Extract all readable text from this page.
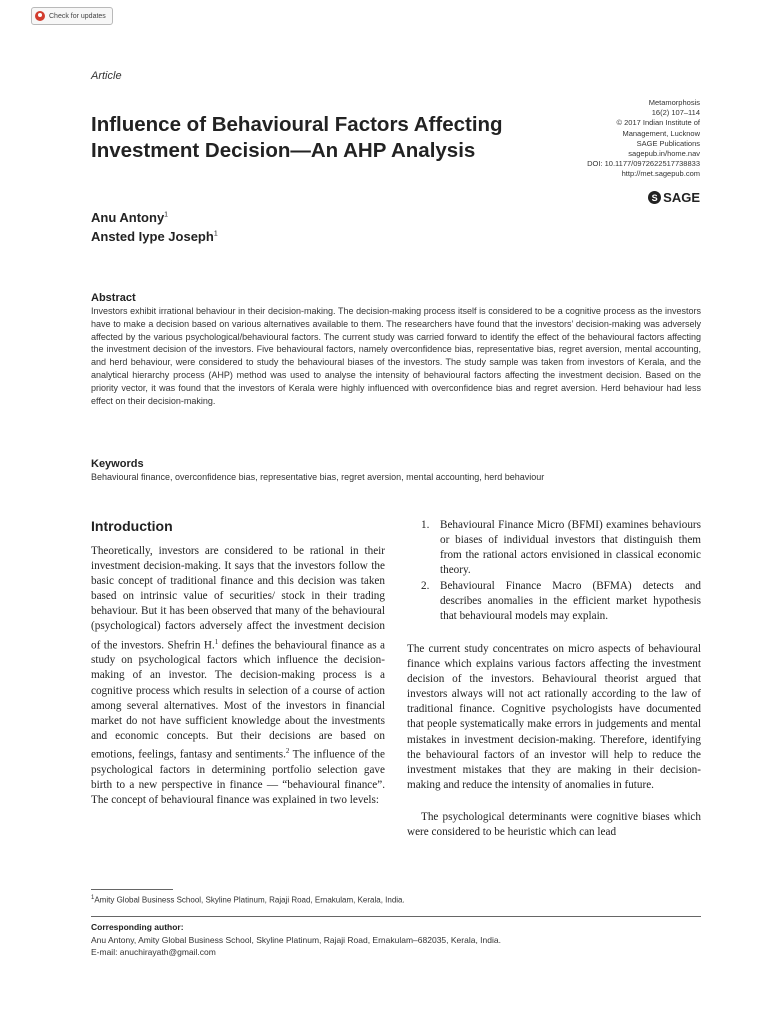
Check for updates
Article
Influence of Behavioural Factors Affecting
Investment Decision—An AHP Analysis
Metamorphosis
16(2) 107–114
© 2017 Indian Institute of
Management, Lucknow
SAGE Publications
sagepub.in/home.nav
DOI: 10.1177/0972622517738833
http://met.sagepub.com
S SAGE
Anu Antony$^1$
Ansted Iype Joseph$^1$
Abstract
Investors exhibit irrational behaviour in their decision-making. The decision-making process itself is considered to be a cognitive process as the investors have to make a decision based on various alternatives available to them. The researchers have found that the investors’ decision-making was adversely affected by the various psychological/behavioural factors. The current study was carried forward to identify the effect of the behavioural factors affecting the investment decision of the investors. Five behavioural factors, namely overconfidence bias, representative bias, regret aversion, mental accounting, and herd behaviour, were considered to study the behavioural biases of the investors. The study sample was taken from investors of Kerala, and the analytical hierarchy process (AHP) method was used to analyse the intensity of behavioural factors affecting the investment decision. Based on the priority vector, it was found that the investors of Kerala were highly influenced with overconfidence bias and regret aversion. Herd behaviour had less effect on their decision-making.
Keywords
Behavioural finance, overconfidence bias, representative bias, regret aversion, mental accounting, herd behaviour
Introduction

Theoretically, investors are considered to be rational in their investment decision-making. It says that the investors follow the basic concept of traditional finance and this decision was taken based on intrinsic value of securities/ stock in their trading behaviour. But it has been observed that many of the behavioural (psychological) factors adversely affect the investment decision of the investors. Shefrin H.$^1$ defines the behavioural finance as a study on psychological factors which influence the decision-making of an investor. The decision-making process is a cognitive process which results in selection of a course of action among several alternatives. Most of the investors in financial market do not have sufficient knowledge about the investments and economic concepts. But their decisions are based on emotions, feelings, fantasy and sentiments.$^2$ The influence of the psychological factors in determining portfolio selection gave birth to a new perspective in finance — “behavioural finance”. The concept of behavioural finance was explained in two levels:

1. Behavioural Finance Micro (BFMI) examines behaviours or biases of individual investors that distinguish them from the rational actors envisioned in classical economic theory.
2. Behavioural Finance Macro (BFMA) detects and describes anomalies in the efficient market hypothesis that behavioural models may explain.
The current study concentrates on micro aspects of behavioural finance which explains various factors affecting the investment decision of the investors. Behavioural theorist argued that investors always will not act rationally according to the law of traditional finance. Cognitive psychologists have documented that people systematically make errors in judgements and mental mistakes in investment decision-making. Therefore, identifying the behavioural factors of an investor will help to reduce the investment mistakes that they are making in their decision-making and reduce the intensity of anomalies in future.
The psychological determinants were cognitive biases which were considered to be heuristic which can lead
$^1$Amity Global Business School, Skyline Platinum, Rajaji Road, Ernakulam, Kerala, India.
Corresponding author:
Anu Antony, Amity Global Business School, Skyline Platinum, Rajaji Road, Ernakulam–682035, Kerala, India.
E-mail: anuchirayath@gmail.com
